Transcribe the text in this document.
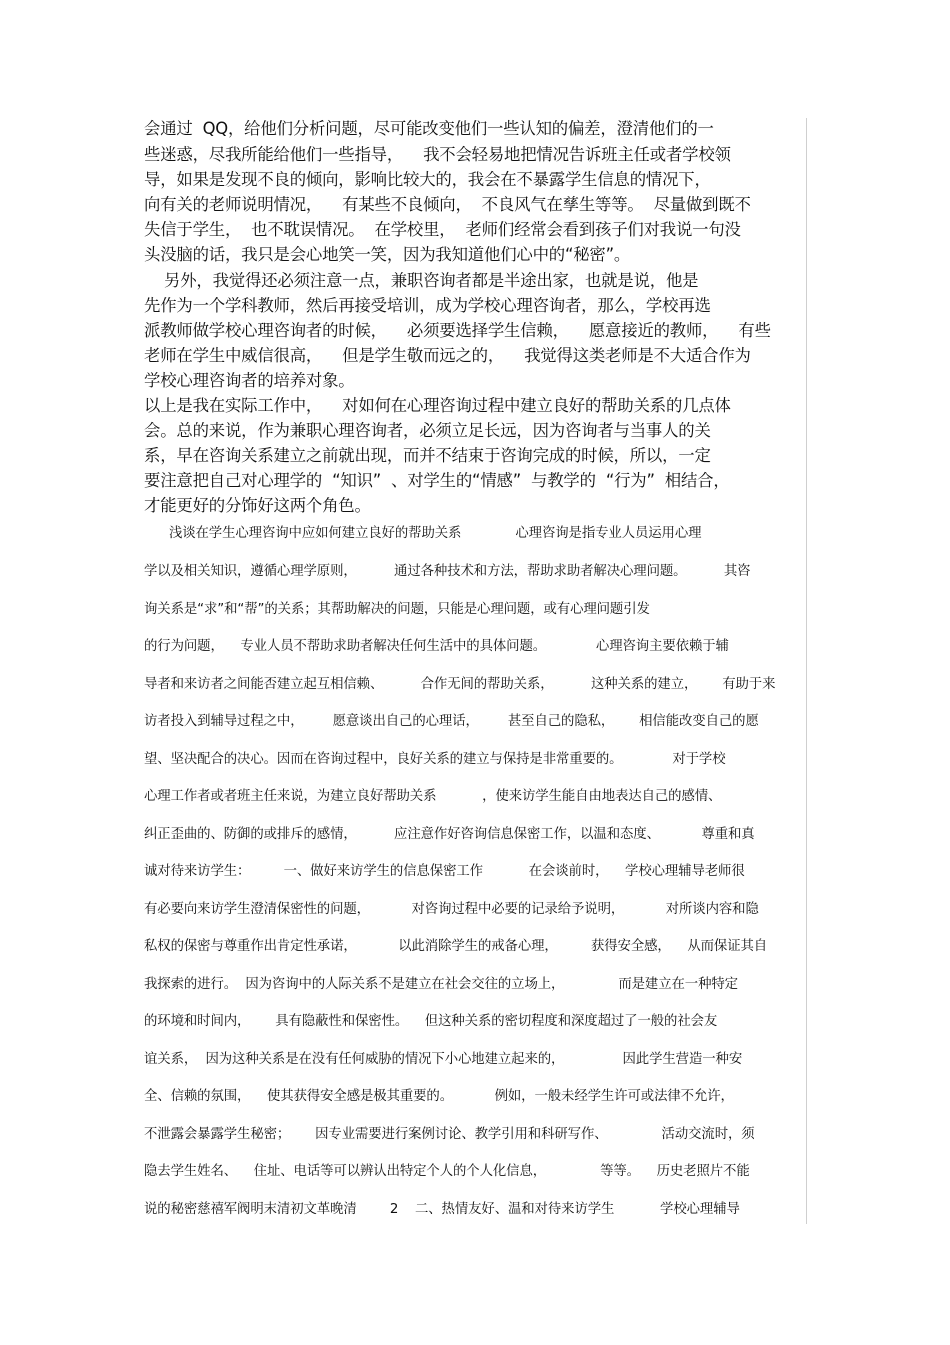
会通过  QQ，给他们分析问题，尽可能改变他们一些认知的偏差，澄清他们的一
些迷惑，尽我所能给他们一些指导，    我不会轻易地把情况告诉班主任或者学校领
导，如果是发现不良的倾向，影响比较大的，我会在不暴露学生信息的情况下，
向有关的老师说明情况，    有某些不良倾向，  不良风气在孳生等等。  尽量做到既不
失信于学生，  也不耽误情况。  在学校里，  老师们经常会看到孩子们对我说一句没
头没脑的话，我只是会心地笑一笑，因为我知道他们心中的“秘密”。
另外，我觉得还必须注意一点，兼职咨询者都是半途出家，也就是说，他是
先作为一个学科教师，然后再接受培训，成为学校心理咨询者，那么，学校再选
派教师做学校心理咨询者的时候，    必须要选择学生信赖，    愿意接近的教师，    有些
老师在学生中威信很高，    但是学生敬而远之的，    我觉得这类老师是不大适合作为
学校心理咨询者的培养对象。
以上是我在实际工作中，    对如何在心理咨询过程中建立良好的帮助关系的几点体
会。总的来说，作为兼职心理咨询者，必须立足长远，因为咨询者与当事人的关
系，早在咨询关系建立之前就出现，而并不结束于咨询完成的时候，所以，一定
要注意把自己对心理学的  “知识”  、对学生的“情感”  与教学的  “行为”  相结合，
才能更好的分饰好这两个角色。
浅谈在学生心理咨询中应如何建立良好的帮助关系             心理咨询是指专业人员运用心理
学以及相关知识，遵循心理学原则，         通过各种技术和方法，帮助求助者解决心理问题。         其咨
询关系是“求”和“帮”的关系；其帮助解决的问题，只能是心理问题，或有心理问题引发
的行为问题，    专业人员不帮助求助者解决任何生活中的具体问题。            心理咨询主要依赖于辅
导者和来访者之间能否建立起互相信赖、         合作无间的帮助关系，         这种关系的建立，      有助于来
访者投入到辅导过程之中，       愿意谈出自己的心理话，       甚至自己的隐私，      相信能改变自己的愿
望、坚决配合的决心。因而在咨询过程中，良好关系的建立与保持是非常重要的。            对于学校
心理工作者或者班主任来说，为建立良好帮助关系           ，使来访学生能自由地表达自己的感情、
纠正歪曲的、防御的或排斥的感情，         应注意作好咨询信息保密工作，以温和态度、          尊重和真
诚对待来访学生：        一、做好来访学生的信息保密工作           在会谈前时，    学校心理辅导老师很
有必要向来访学生澄清保密性的问题，          对咨询过程中必要的记录给予说明，          对所谈内容和隐
私权的保密与尊重作出肯定性承诺，          以此消除学生的戒备心理，        获得安全感，    从而保证其自
我探索的进行。  因为咨询中的人际关系不是建立在社会交往的立场上，             而是建立在一种特定
的环境和时间内，      具有隐蔽性和保密性。    但这种关系的密切程度和深度超过了一般的社会友
谊关系，  因为这种关系是在没有任何威胁的情况下小心地建立起来的，              因此学生营造一种安
全、信赖的氛围，    使其获得安全感是极其重要的。          例如，一般未经学生许可或法律不允许，
不泄露会暴露学生秘密；      因专业需要进行案例讨论、教学引用和科研写作、             活动交流时，须
隐去学生姓名、    住址、电话等可以辨认出特定个人的个人化信息，             等等。    历史老照片不能
说的秘密慈禧军阀明末清初文革晚清        2    二、热情友好、温和对待来访学生           学校心理辅导
